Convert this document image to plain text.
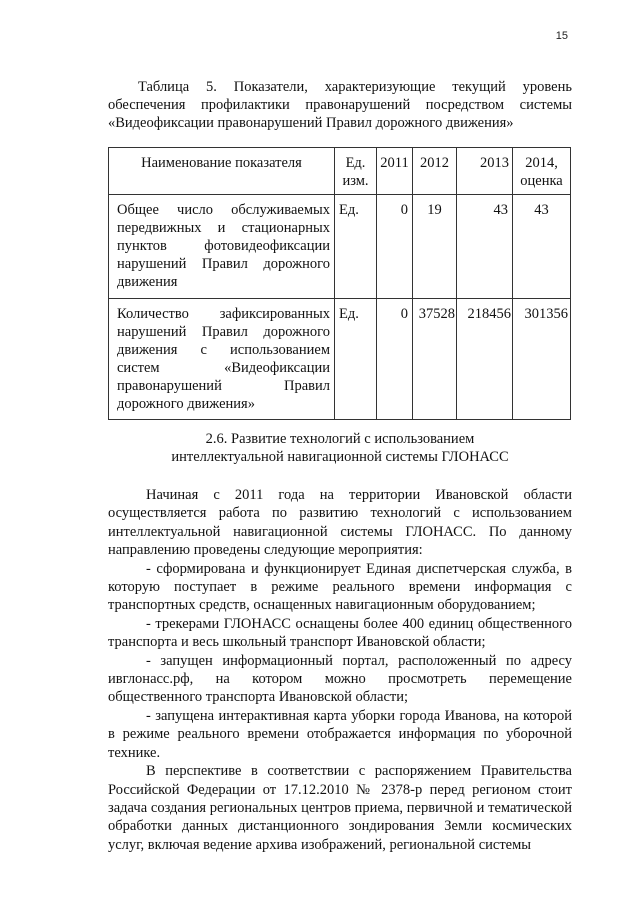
15
Таблица 5. Показатели, характеризующие текущий уровень обеспечения профилактики правонарушений посредством системы «Видеофиксации правонарушений Правил дорожного движения»
Наименование показателя	Ед. изм.	2011	2012	2013	2014, оценка
Общее число обслуживаемых передвижных и стационарных пунктов фотовидеофиксации нарушений Правил дорожного движения	Ед.	0	19	43	43
Количество зафиксированных нарушений Правил дорожного движения с использованием систем «Видеофиксации правонарушений Правил дорожного движения»	Ед.	0	37528	218456	301356
2.6. Развитие технологий с использованием
интеллектуальной навигационной системы ГЛОНАСС

Начиная с 2011 года на территории Ивановской области осуществляется работа по развитию технологий с использованием интеллектуальной навигационной системы ГЛОНАСС. По данному направлению проведены следующие мероприятия:

- сформирована и функционирует Единая диспетчерская служба, в которую поступает в режиме реального времени информация с транспортных средств, оснащенных навигационным оборудованием;

- трекерами ГЛОНАСС оснащены более 400 единиц общественного транспорта и весь школьный транспорт Ивановской области;

- запущен информационный портал, расположенный по адресу ивглонасс.рф, на котором можно просмотреть перемещение общественного транспорта Ивановской области;

- запущена интерактивная карта уборки города Иванова, на которой в режиме реального времени отображается информация по уборочной технике.

В перспективе в соответствии с распоряжением Правительства Российской Федерации от 17.12.2010 № 2378-р перед регионом стоит задача создания региональных центров приема, первичной и тематической обработки данных дистанционного зондирования Земли космических услуг, включая ведение архива изображений, региональной системы
